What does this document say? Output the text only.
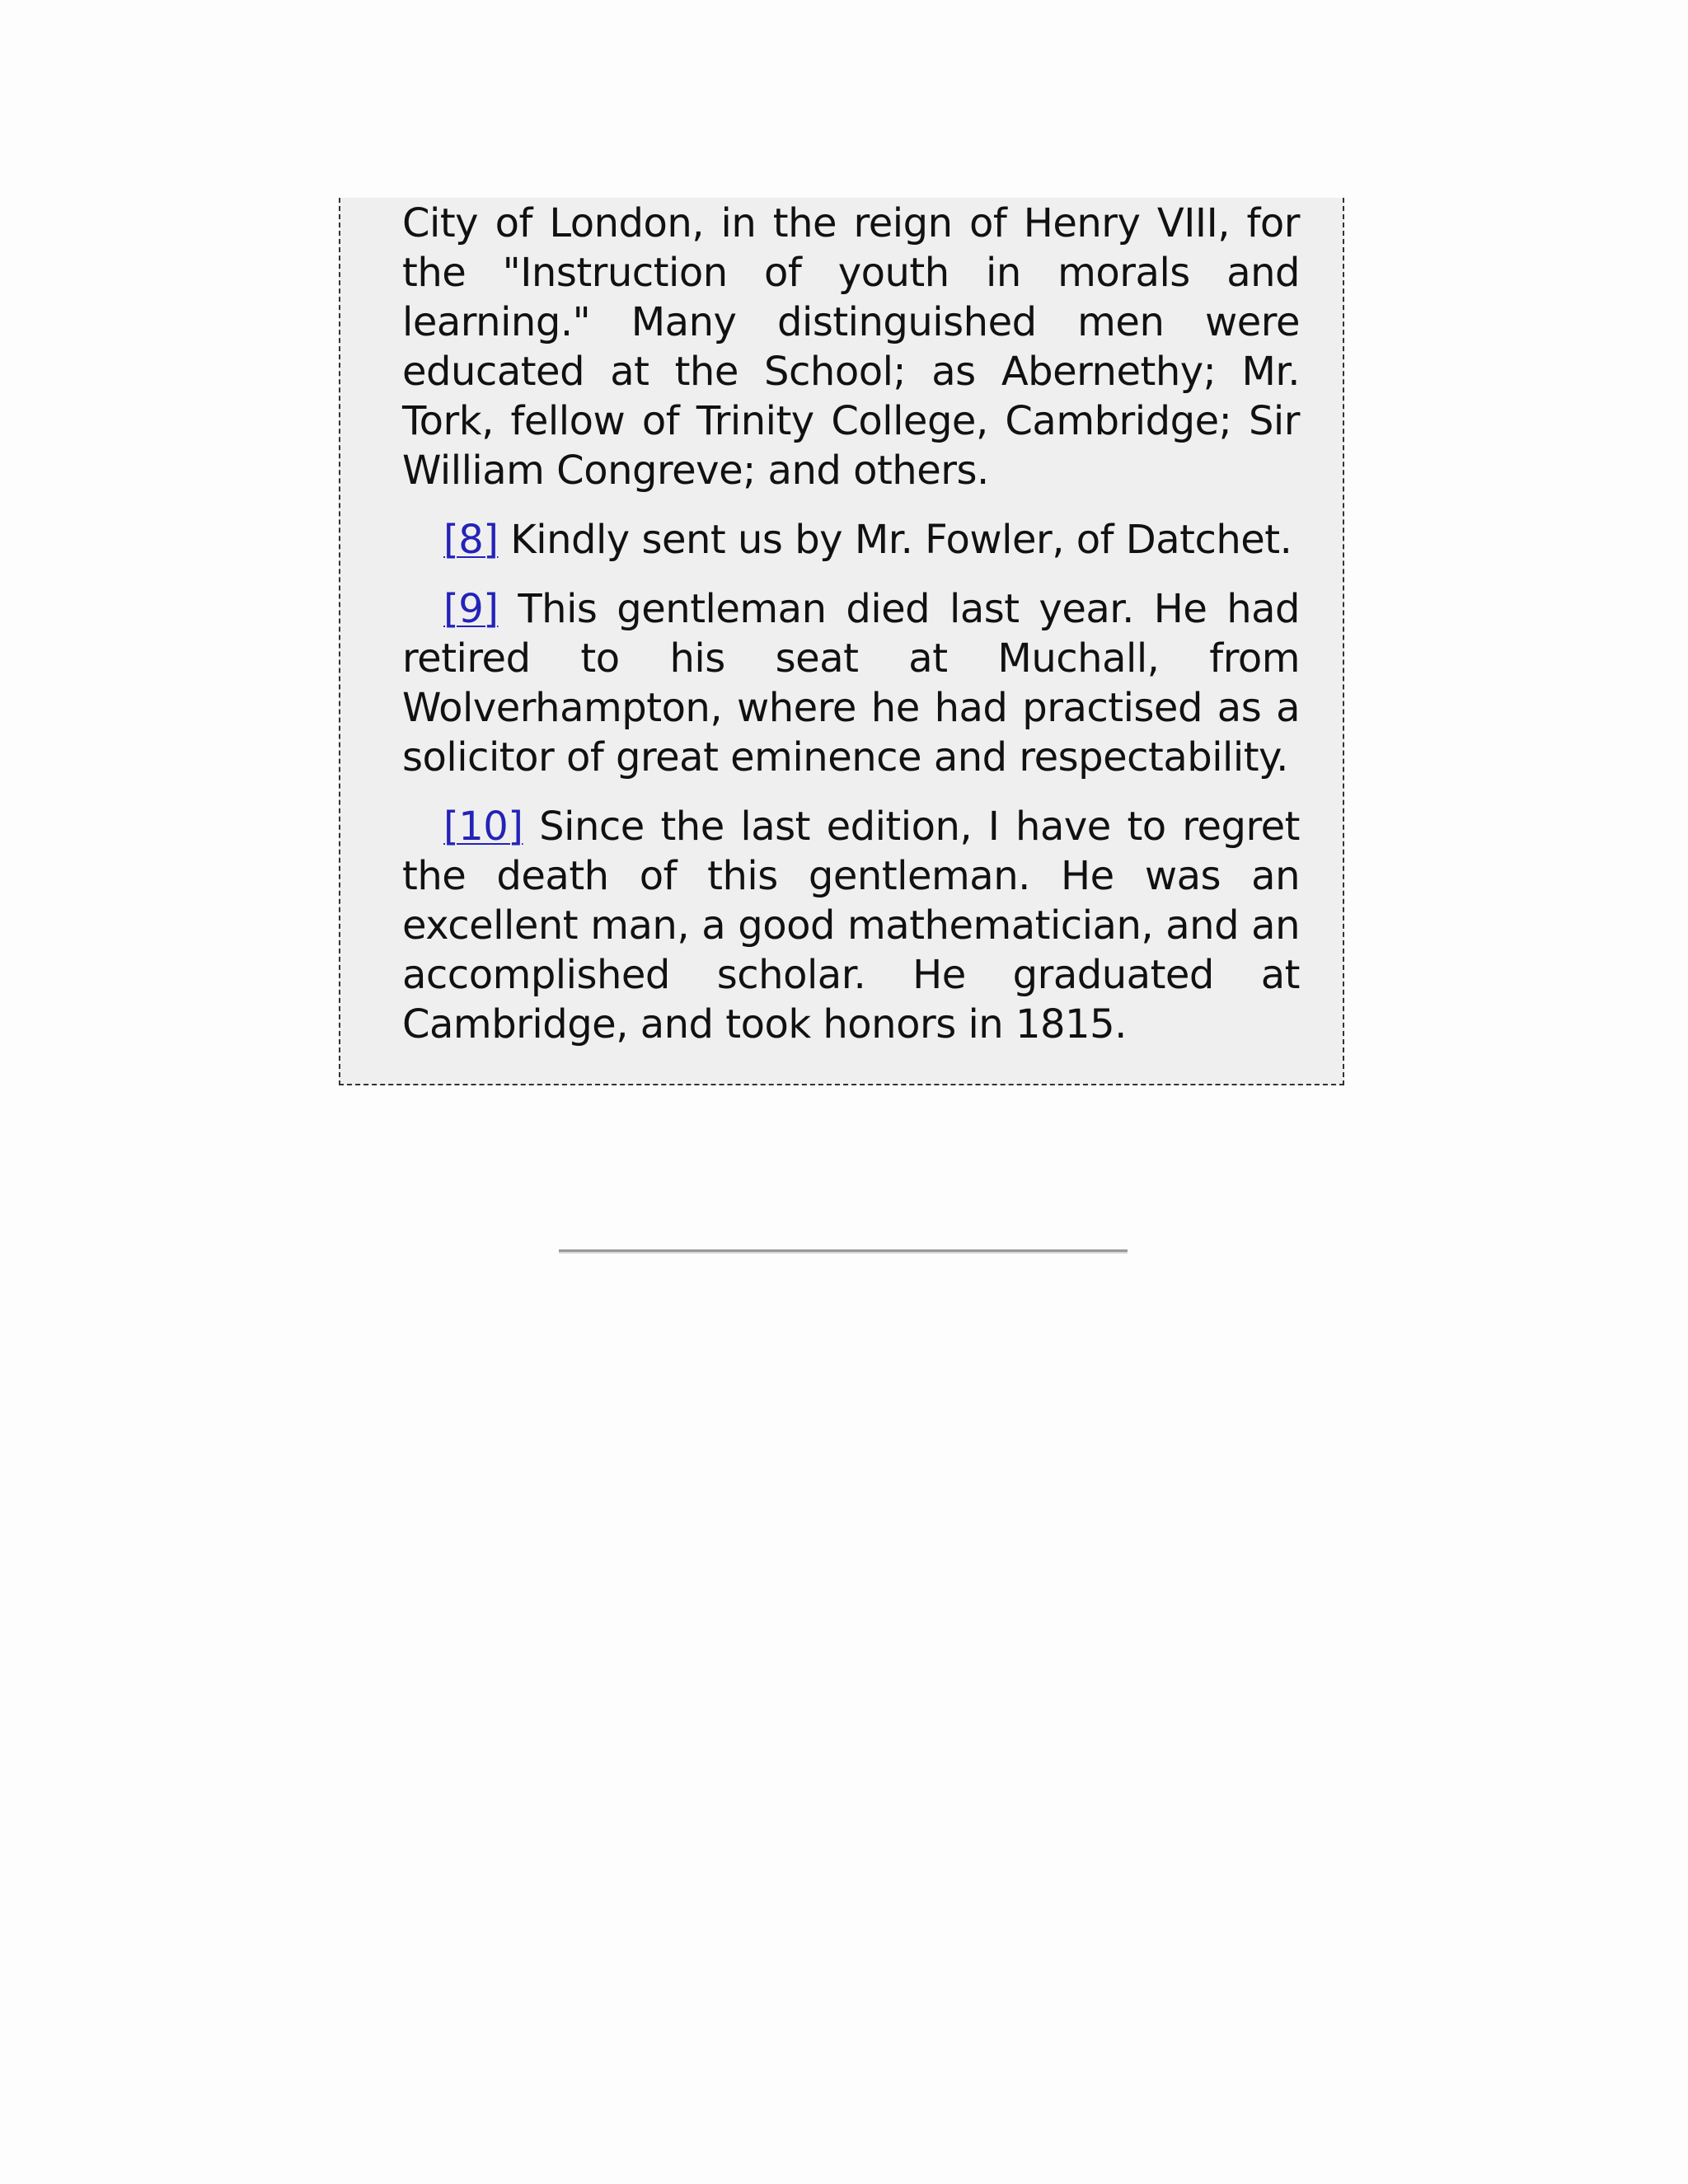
City of London, in the reign of Henry VIII, for the "Instruction of youth in morals and learning." Many distinguished men were educated at the School; as Abernethy; Mr. Tork, fellow of Trinity College, Cambridge; Sir William Congreve; and others.

[8] Kindly sent us by Mr. Fowler, of Datchet.

[9] This gentleman died last year. He had retired to his seat at Muchall, from Wolverhampton, where he had practised as a solicitor of great eminence and respectability.

[10] Since the last edition, I have to regret the death of this gentleman. He was an excellent man, a good mathematician, and an accomplished scholar. He graduated at Cambridge, and took honors in 1815.
